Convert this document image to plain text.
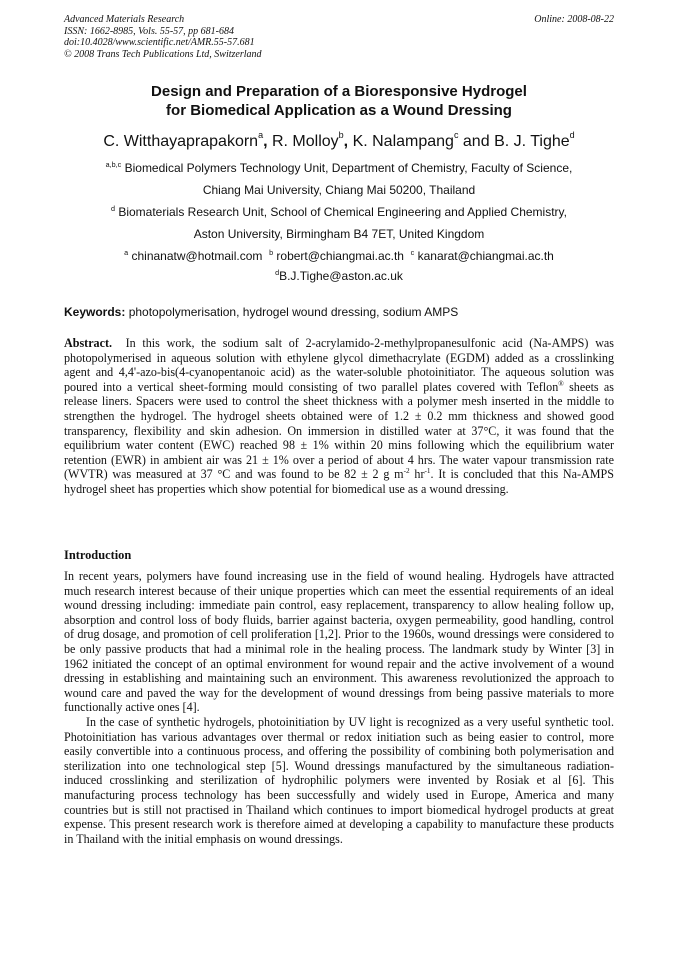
Advanced Materials Research
ISSN: 1662-8985, Vols. 55-57, pp 681-684
doi:10.4028/www.scientific.net/AMR.55-57.681
© 2008 Trans Tech Publications Ltd, Switzerland
Online: 2008-08-22
Design and Preparation of a Bioresponsive Hydrogel
for Biomedical Application as a Wound Dressing
C. Witthayaprapakorn$^a$, R. Molloy$^b$, K. Nalampang$^c$ and B. J. Tighe$^d$
$^{a,b,c}$ Biomedical Polymers Technology Unit, Department of Chemistry, Faculty of Science,
Chiang Mai University, Chiang Mai 50200, Thailand
$^d$ Biomaterials Research Unit, School of Chemical Engineering and Applied Chemistry,
Aston University, Birmingham B4 7ET, United Kingdom
$^a$ chinanatw@hotmail.com $^b$ robert@chiangmai.ac.th $^c$ kanarat@chiangmai.ac.th
$^d$B.J.Tighe@aston.ac.uk
Keywords: photopolymerisation, hydrogel wound dressing, sodium AMPS
Abstract. In this work, the sodium salt of 2-acrylamido-2-methylpropanesulfonic acid (Na-AMPS) was photopolymerised in aqueous solution with ethylene glycol dimethacrylate (EGDM) added as a crosslinking agent and 4,4'-azo-bis(4-cyanopentanoic acid) as the water-soluble photoinitiator. The aqueous solution was poured into a vertical sheet-forming mould consisting of two parallel plates covered with Teflon® sheets as release liners. Spacers were used to control the sheet thickness with a polymer mesh inserted in the middle to strengthen the hydrogel. The hydrogel sheets obtained were of 1.2 ± 0.2 mm thickness and showed good transparency, flexibility and skin adhesion. On immersion in distilled water at 37°C, it was found that the equilibrium water content (EWC) reached 98 ± 1% within 20 mins following which the equilibrium water retention (EWR) in ambient air was 21 ± 1% over a period of about 4 hrs. The water vapour transmission rate (WVTR) was measured at 37 °C and was found to be 82 ± 2 g $m^{-2}$ $hr^{-1}$. It is concluded that this Na-AMPS hydrogel sheet has properties which show potential for biomedical use as a wound dressing.
Introduction

In recent years, polymers have found increasing use in the field of wound healing. Hydrogels have attracted much research interest because of their unique properties which can meet the essential requirements of an ideal wound dressing including: immediate pain control, easy replacement, transparency to allow healing follow up, absorption and control loss of body fluids, barrier against bacteria, oxygen permeability, good handling, control of drug dosage, and promotion of cell proliferation [1,2]. Prior to the 1960s, wound dressings were considered to be only passive products that had a minimal role in the healing process. The landmark study by Winter [3] in 1962 initiated the concept of an optimal environment for wound repair and the active involvement of a wound dressing in establishing and maintaining such an environment. This awareness revolutionized the approach to wound care and paved the way for the development of wound dressings from being passive materials to more functionally active ones [4].

In the case of synthetic hydrogels, photoinitiation by UV light is recognized as a very useful synthetic tool. Photoinitiation has various advantages over thermal or redox initiation such as being easier to control, more easily convertible into a continuous process, and offering the possibility of combining both polymerisation and sterilization into one technological step [5]. Wound dressings manufactured by the simultaneous radiation-induced crosslinking and sterilization of hydrophilic polymers were invented by Rosiak et al [6]. This manufacturing process technology has been successfully and widely used in Europe, America and many countries but is still not practised in Thailand which continues to import biomedical hydrogel products at great expense. This present research work is therefore aimed at developing a capability to manufacture these products in Thailand with the initial emphasis on wound dressings.
